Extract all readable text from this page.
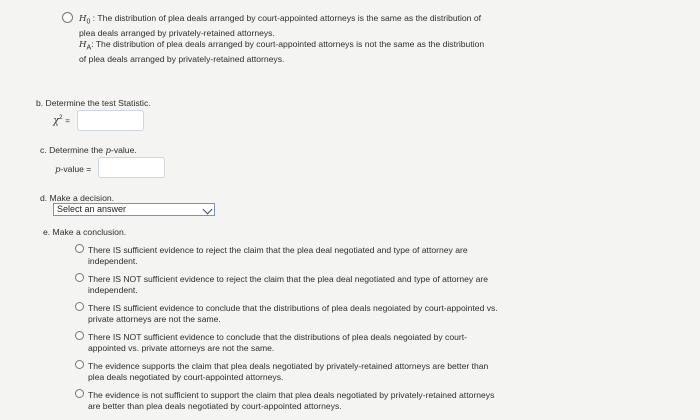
$H_0$ : The distribution of plea deals arranged by court-appointed attorneys is the same as the distribution of
plea deals arranged by privately-retained attorneys.
$H_A$: The distribution of plea deals arranged by court-appointed attorneys is not the same as the distribution
of plea deals arranged by privately-retained attorneys.
b. Determine the test Statistic.
$\chi^2$ =
c. Determine the p-value.
p-value =
d. Make a decision.
Select an answer
e. Make a conclusion.
There IS sufficient evidence to reject the claim that the plea deal negotiated and type of attorney are
independent.
There IS NOT sufficient evidence to reject the claim that the plea deal negotiated and type of attorney are
independent.
There IS sufficient evidence to conclude that the distributions of plea deals negoiated by court-appointed vs.
private attorneys are not the same.
There IS NOT sufficient evidence to conclude that the distributions of plea deals negoiated by court-
appointed vs. private attorneys are not the same.
The evidence supports the claim that plea deals negotiated by privately-retained attorneys are better than
plea deals negotiated by court-appointed attorneys.
The evidence is not sufficient to support the claim that plea deals negotiated by privately-retained attorneys
are better than plea deals negotiated by court-appointed attorneys.
